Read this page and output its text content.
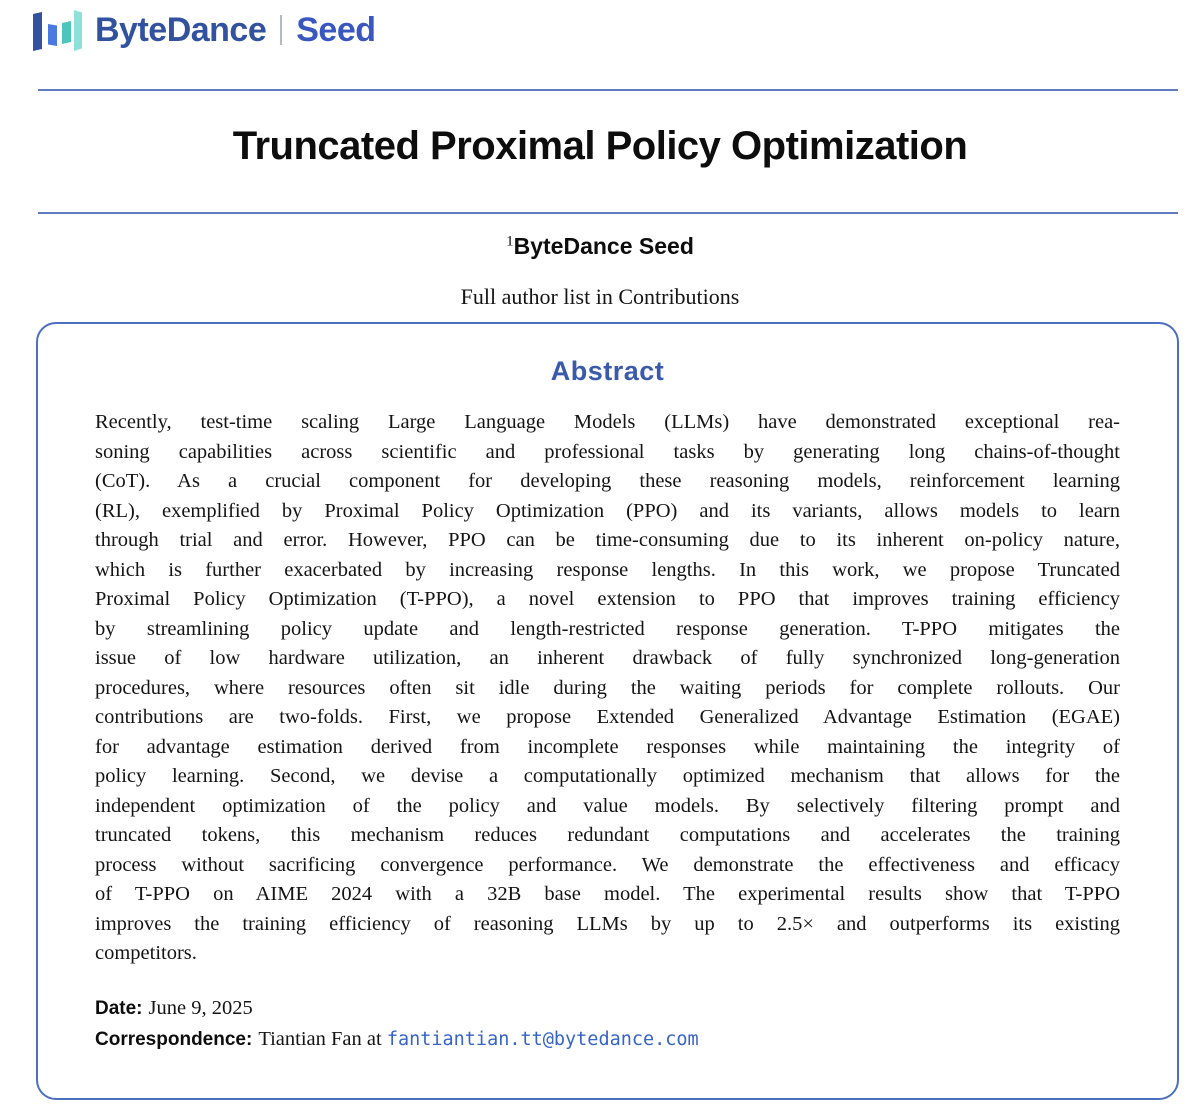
ByteDance Seed
Truncated Proximal Policy Optimization
$^1$ByteDance Seed
Full author list in Contributions
Abstract
Recently, test-time scaling Large Language Models (LLMs) have demonstrated exceptional rea-
soning capabilities across scientific and professional tasks by generating long chains-of-thought
(CoT). As a crucial component for developing these reasoning models, reinforcement learning
(RL), exemplified by Proximal Policy Optimization (PPO) and its variants, allows models to learn
through trial and error. However, PPO can be time-consuming due to its inherent on-policy nature,
which is further exacerbated by increasing response lengths. In this work, we propose Truncated
Proximal Policy Optimization (T-PPO), a novel extension to PPO that improves training efficiency
by streamlining policy update and length-restricted response generation. T-PPO mitigates the
issue of low hardware utilization, an inherent drawback of fully synchronized long-generation
procedures, where resources often sit idle during the waiting periods for complete rollouts. Our
contributions are two-folds. First, we propose Extended Generalized Advantage Estimation (EGAE)
for advantage estimation derived from incomplete responses while maintaining the integrity of
policy learning. Second, we devise a computationally optimized mechanism that allows for the
independent optimization of the policy and value models. By selectively filtering prompt and
truncated tokens, this mechanism reduces redundant computations and accelerates the training
process without sacrificing convergence performance. We demonstrate the effectiveness and efficacy
of T-PPO on AIME 2024 with a 32B base model. The experimental results show that T-PPO
improves the training efficiency of reasoning LLMs by up to 2.5× and outperforms its existing
competitors.
Date: June 9, 2025
Correspondence: Tiantian Fan at fantiantian.tt@bytedance.com
